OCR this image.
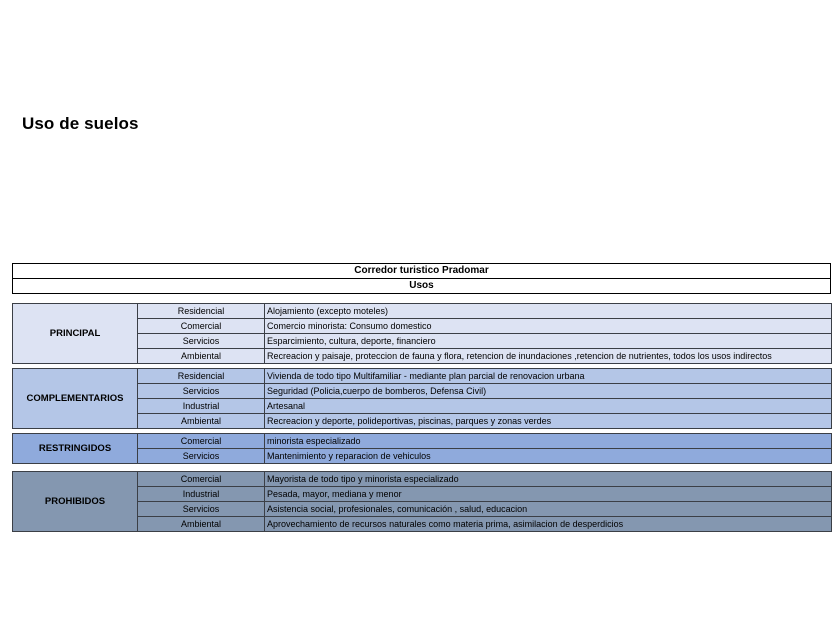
Uso de suelos
Corredor turistico Pradomar
Usos
PRINCIPAL	Residencial	Alojamiento (excepto moteles)
	Comercial	Comercio minorista: Consumo domestico
	Servicios	Esparcimiento, cultura, deporte, financiero
	Ambiental	Recreacion y paisaje, proteccion de fauna y flora, retencion de inundaciones ,retencion de nutrientes, todos los usos indirectos
COMPLEMENTARIOS	Residencial	Vivienda de todo tipo Multifamiliar - mediante plan parcial de renovacion urbana
	Servicios	Seguridad (Policia,cuerpo de bomberos, Defensa Civil)
	Industrial	Artesanal
	Ambiental	Recreacion y deporte, polideportivas, piscinas, parques y zonas verdes
RESTRINGIDOS	Comercial	minorista especializado
	Servicios	Mantenimiento y reparacion de vehiculos
PROHIBIDOS	Comercial	Mayorista de todo tipo y minorista especializado
	Industrial	Pesada, mayor, mediana y menor
	Servicios	Asistencia social, profesionales, comunicación , salud, educacion
	Ambiental	Aprovechamiento de recursos naturales como materia prima, asimilacion de desperdicios
